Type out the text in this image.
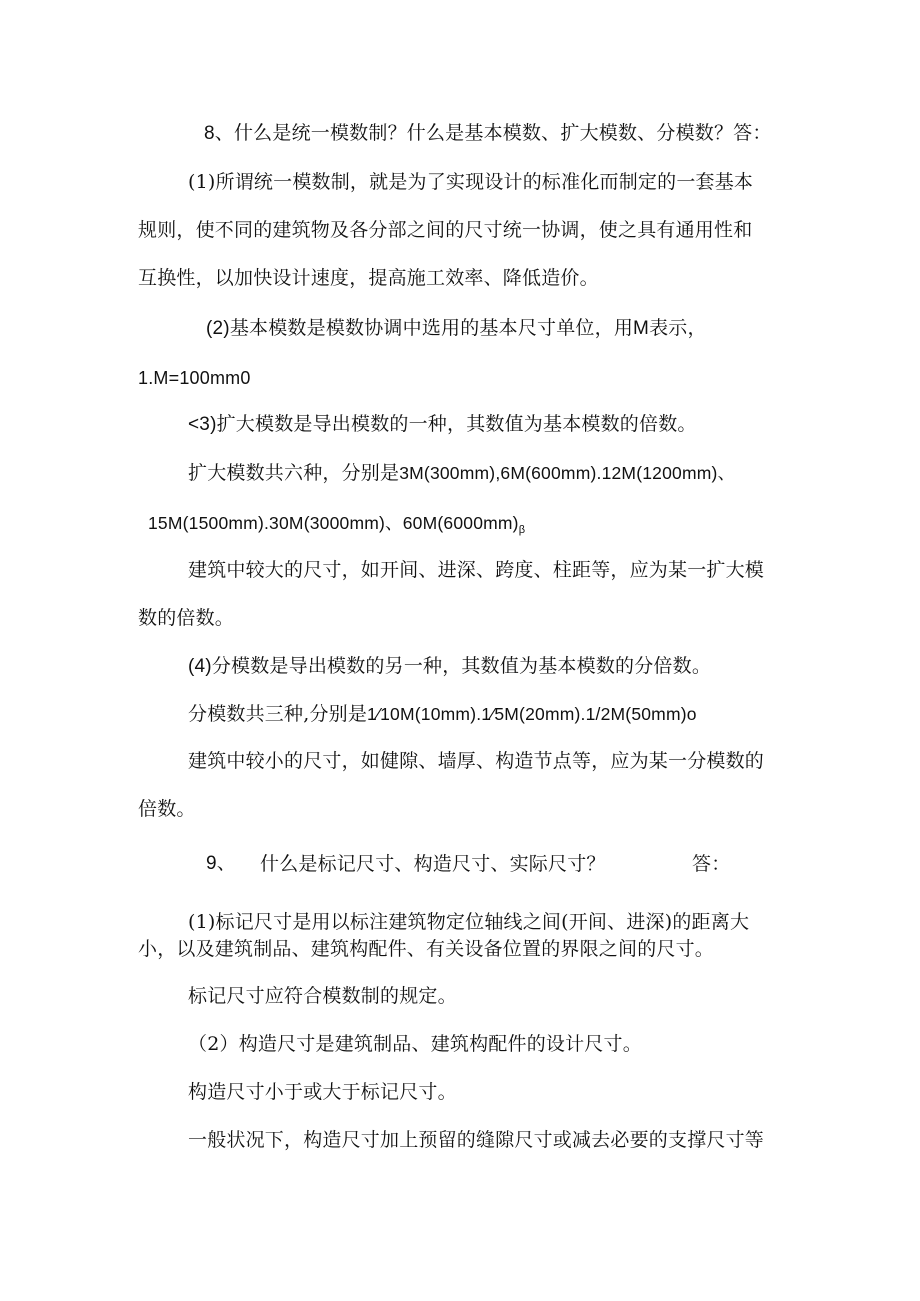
8、什么是统一模数制？什么是基本模数、扩大模数、分模数？答：
(1)所谓统一模数制，就是为了实现设计的标准化而制定的一套基本
规则，使不同的建筑物及各分部之间的尺寸统一协调，使之具有通用性和
互换性，以加快设计速度，提高施工效率、降低造价。
(2)基本模数是模数协调中选用的基本尺寸单位，用M表示，
1.M=100mm0
<3)扩大模数是导出模数的一种，其数值为基本模数的倍数。
扩大模数共六种，分别是3M(300mm),6M(600mm).12M(1200mm)、
15M(1500mm).30M(3000mm)、$60M(6000mm)_\beta$
建筑中较大的尺寸，如开间、进深、跨度、柱距等，应为某一扩大模
数的倍数。
(4)分模数是导出模数的另一种，其数值为基本模数的分倍数。
分模数共三种,分别是1∕10M(10mm).1⁄5M(20mm).1/2M(50mm)o
建筑中较小的尺寸，如健隙、墙厚、构造节点等，应为某一分模数的
倍数。
9、 什么是标记尺寸、构造尺寸、实际尺寸？	答：
(1)标记尺寸是用以标注建筑物定位轴线之间(开间、进深)的距离大
小，以及建筑制品、建筑构配件、有关设备位置的界限之间的尺寸。
标记尺寸应符合模数制的规定。
（2）构造尺寸是建筑制品、建筑构配件的设计尺寸。
构造尺寸小于或大于标记尺寸。
一般状况下，构造尺寸加上预留的缝隙尺寸或减去必要的支撑尺寸等
